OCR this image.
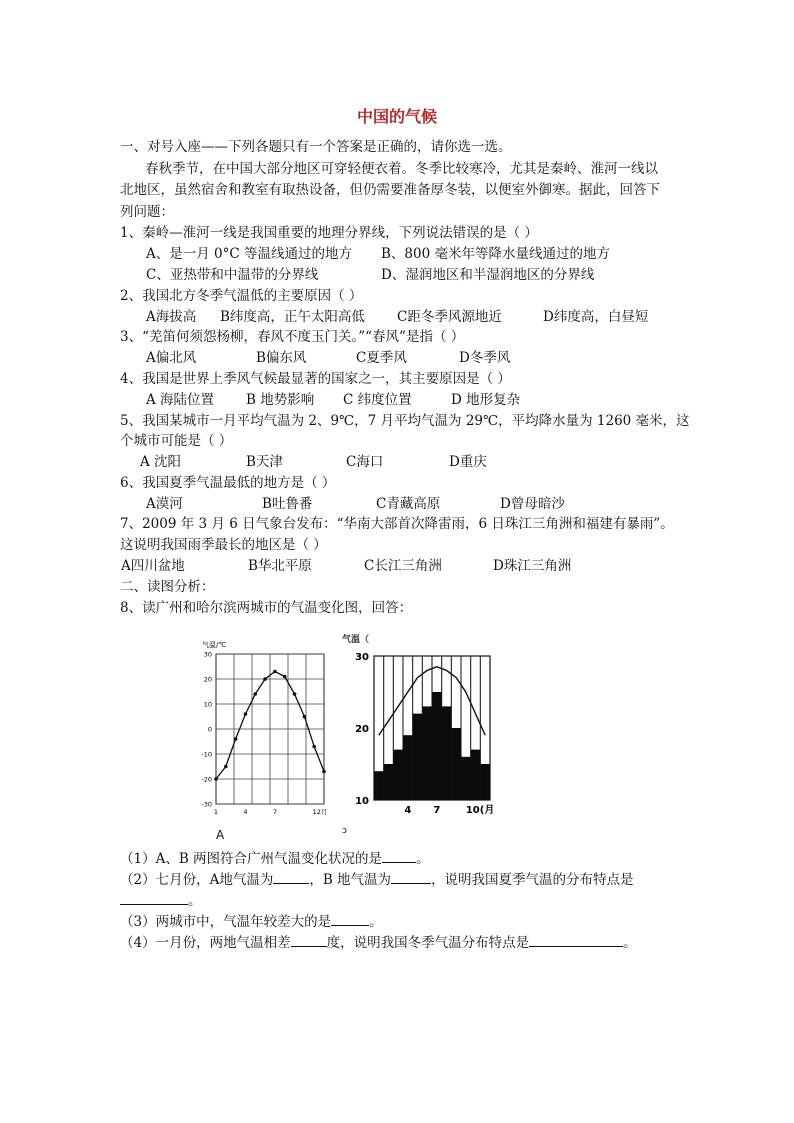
中国的气候
一、对号入座——下列各题只有一个答案是正确的，请你选一选。
春秋季节，在中国大部分地区可穿轻便衣着。冬季比较寒冷，尤其是秦岭、淮河一线以
北地区，虽然宿舍和教室有取热设备，但仍需要准备厚冬装，以便室外御寒。据此，回答下
列问题：
1、秦岭—淮河一线是我国重要的地理分界线，下列说法错误的是（ ）
A、是一月 0°C 等温线通过的地方 B、800 毫米年等降水量线通过的地方
C、亚热带和中温带的分界线	D、湿润地区和半湿润地区的分界线
2、我国北方冬季气温低的主要原因（ ）
A海拔高 B纬度高，正午太阳高低 C距冬季风源地近	D纬度高，白昼短
3、“羌笛何须怨杨柳，春风不度玉门关。”“春风”是指（ ）
A偏北风	B偏东风	C夏季风	D冬季风
4、我国是世界上季风气候最显著的国家之一，其主要原因是（ ）
A 海陆位置 B 地势影响 C 纬度位置	D 地形复杂
5、我国某城市一月平均气温为 2、9℃，7 月平均气温为 29℃，平均降水量为 1260 毫米，这
个城市可能是（ ）
A 沈阳	B天津	C海口	D重庆
6、我国夏季气温最低的地方是（ ）
A漠河	B吐鲁番	C青藏高原	D曾母暗沙
7、2009 年 3 月 6 日气象台发布：“华南大部首次降雷雨，6 日珠江三角洲和福建有暴雨”。
这说明我国雨季最长的地区是（ ）
A四川盆地	B华北平原	C长江三角洲	D珠江三角洲
二、读图分析：
8、读广州和哈尔滨两城市的气温变化图，回答：
气温/℃
30
20
10
0
-10
-20
-30
1	4	7	12月
A
气温（
30
20
10
4 7	10(月
ↄ
（1）A、B 两图符合广州气温变化状况的是	。
（2）七月份，A地气温为	，B 地气温为	，说明我国夏季气温的分布特点是
。
（3）两城市中，气温年较差大的是	。
（4）一月份，两地气温相差	度，说明我国冬季气温分布特点是	。
